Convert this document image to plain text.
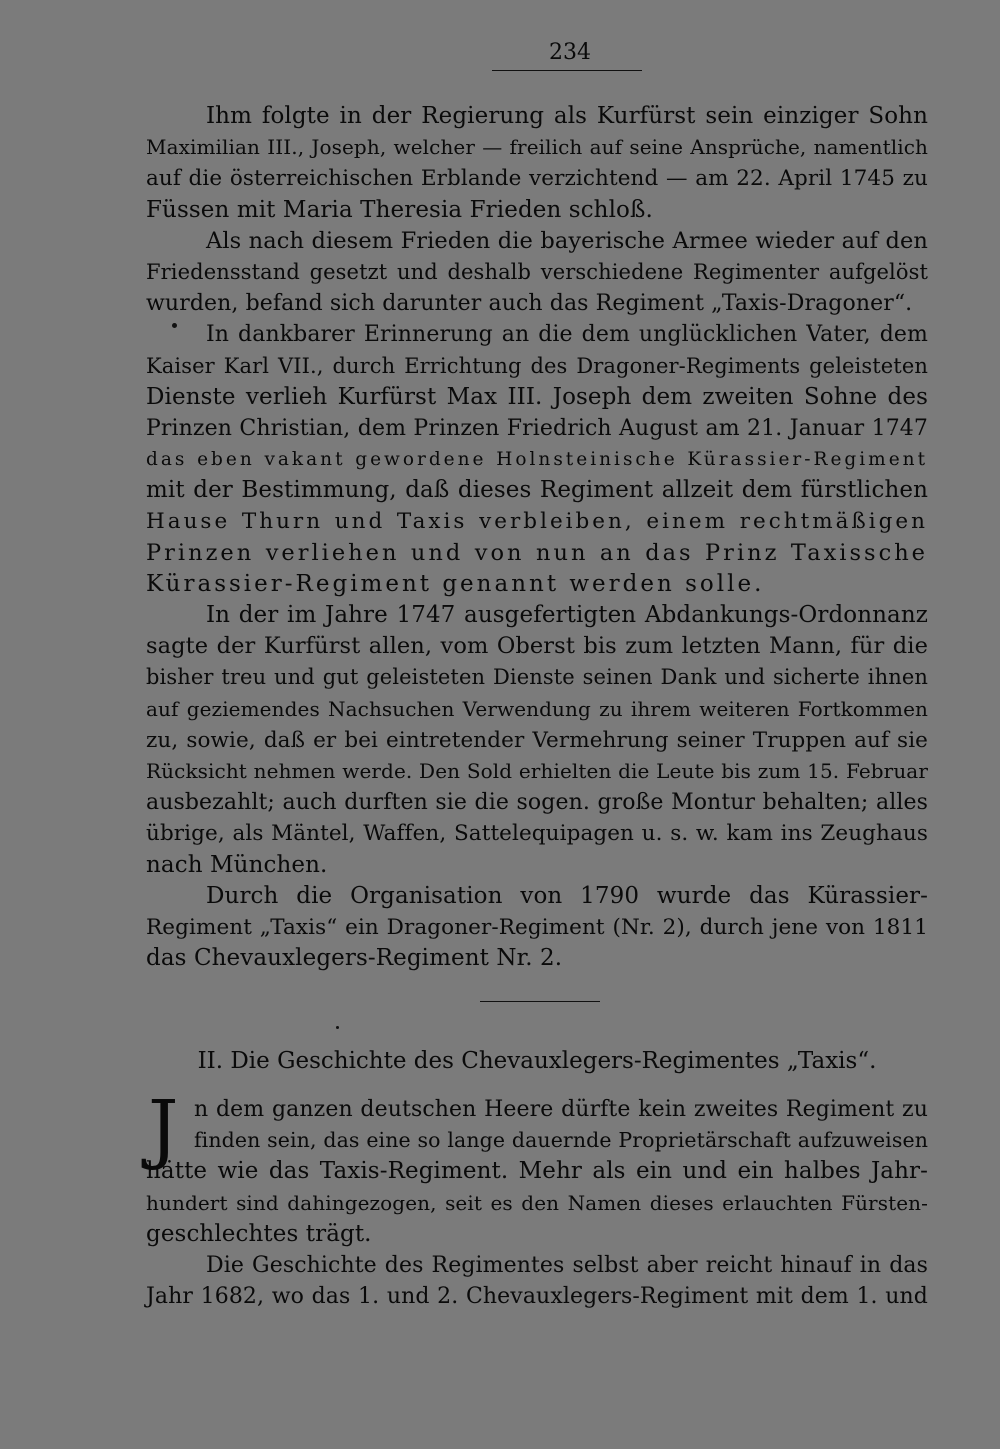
234
Ihm folgte in der Regierung als Kurfürst sein einziger Sohn
Maximilian III., Joseph, welcher — freilich auf seine Ansprüche, namentlich
auf die österreichischen Erblande verzichtend — am 22. April 1745 zu
Füssen mit Maria Theresia Frieden schloß.
Als nach diesem Frieden die bayerische Armee wieder auf den
Friedensstand gesetzt und deshalb verschiedene Regimenter aufgelöst
wurden, befand sich darunter auch das Regiment „Taxis-Dragoner“.
In dankbarer Erinnerung an die dem unglücklichen Vater, dem
Kaiser Karl VII., durch Errichtung des Dragoner-Regiments geleisteten
Dienste verlieh Kurfürst Max III. Joseph dem zweiten Sohne des
Prinzen Christian, dem Prinzen Friedrich August am 21. Januar 1747
das eben vakant gewordene Holnsteinische Kürassier-Regiment
mit der Bestimmung, daß dieses Regiment allzeit dem fürstlichen
Hause Thurn und Taxis verbleiben, einem rechtmäßigen
Prinzen verliehen und von nun an das Prinz Taxissche
Kürassier-Regiment genannt werden solle.
In der im Jahre 1747 ausgefertigten Abdankungs-Ordonnanz
sagte der Kurfürst allen, vom Oberst bis zum letzten Mann, für die
bisher treu und gut geleisteten Dienste seinen Dank und sicherte ihnen
auf geziemendes Nachsuchen Verwendung zu ihrem weiteren Fortkommen
zu, sowie, daß er bei eintretender Vermehrung seiner Truppen auf sie
Rücksicht nehmen werde. Den Sold erhielten die Leute bis zum 15. Februar
ausbezahlt; auch durften sie die sogen. große Montur behalten; alles
übrige, als Mäntel, Waffen, Sattelequipagen u. s. w. kam ins Zeughaus
nach München.
Durch die Organisation von 1790 wurde das Kürassier-
Regiment „Taxis“ ein Dragoner-Regiment (Nr. 2), durch jene von 1811
das Chevauxlegers-Regiment Nr. 2.
II. Die Geschichte des Chevauxlegers-Regimentes „Taxis“.
J n dem ganzen deutschen Heere dürfte kein zweites Regiment zu
finden sein, das eine so lange dauernde Proprietärschaft aufzuweisen
hätte wie das Taxis-Regiment. Mehr als ein und ein halbes Jahr-
hundert sind dahingezogen, seit es den Namen dieses erlauchten Fürsten-
geschlechtes trägt.
Die Geschichte des Regimentes selbst aber reicht hinauf in das
Jahr 1682, wo das 1. und 2. Chevauxlegers-Regiment mit dem 1. und
